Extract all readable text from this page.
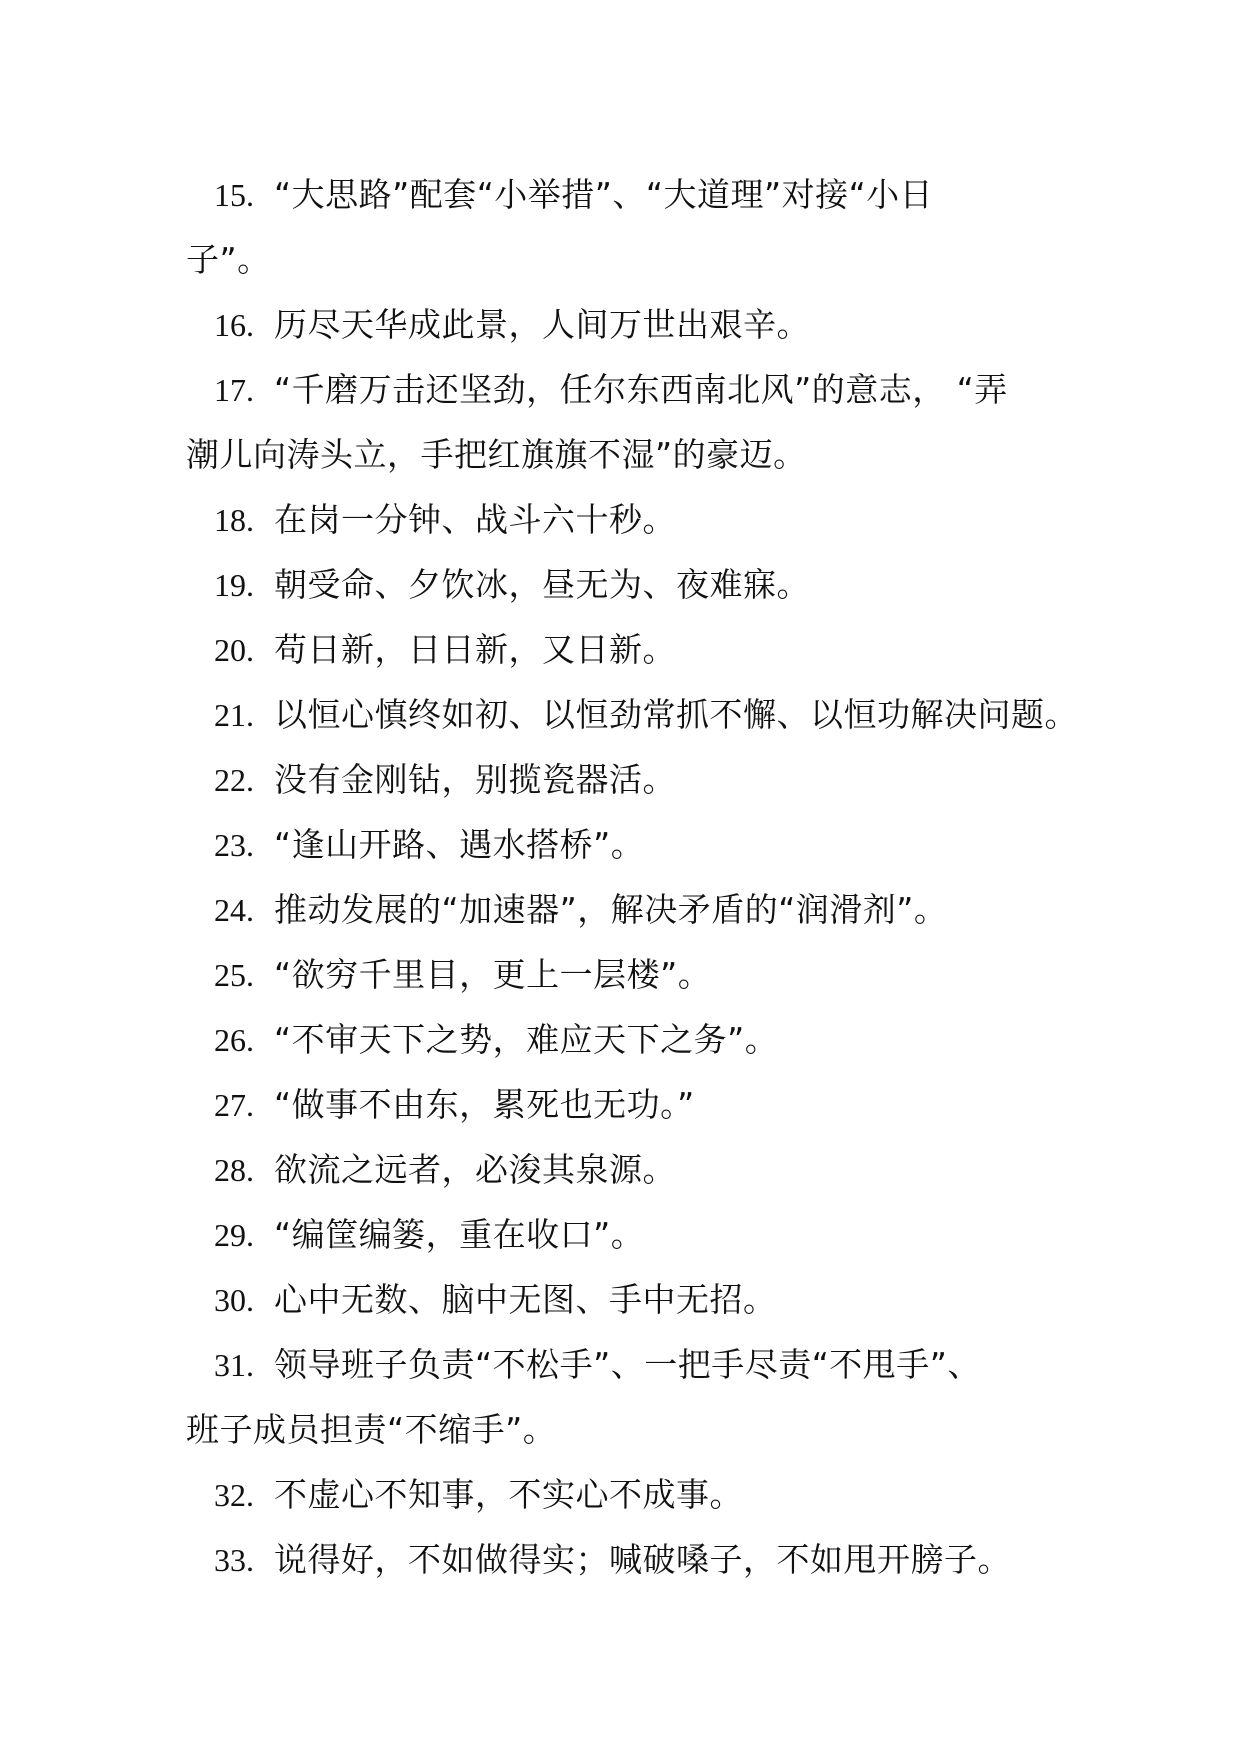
15. “大思路”配套“小举措”、“大道理”对接“小日
子”。
16. 历尽天华成此景，人间万世出艰辛。
17. “千磨万击还坚劲，任尔东西南北风”的意志， “弄
潮儿向涛头立，手把红旗旗不湿”的豪迈。
18. 在岗一分钟、战斗六十秒。
19. 朝受命、夕饮冰，昼无为、夜难寐。
20. 苟日新，日日新，又日新。
21. 以恒心慎终如初、以恒劲常抓不懈、以恒功解决问题。
22. 没有金刚钻，别揽瓷器活。
23. “逢山开路、遇水搭桥”。
24. 推动发展的“加速器”，解决矛盾的“润滑剂”。
25. “欲穷千里目，更上一层楼”。
26. “不审天下之势，难应天下之务”。
27. “做事不由东，累死也无功。”
28. 欲流之远者，必浚其泉源。
29. “编筐编篓，重在收口”。
30. 心中无数、脑中无图、手中无招。
31. 领导班子负责“不松手”、一把手尽责“不甩手”、
班子成员担责“不缩手”。
32. 不虚心不知事，不实心不成事。
33. 说得好，不如做得实；喊破嗓子，不如甩开膀子。
